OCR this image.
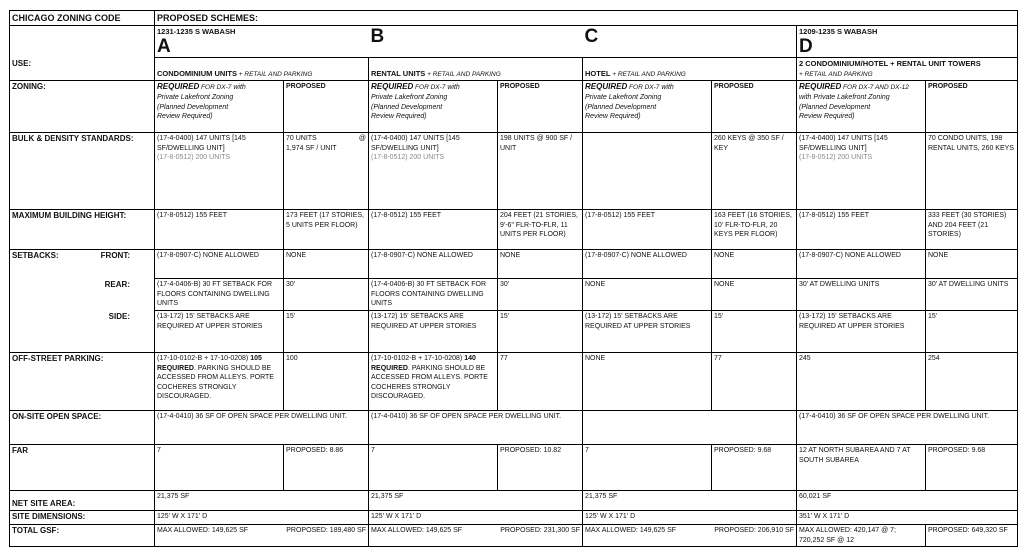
CHICAGO ZONING CODE	PROPOSED SCHEMES:							

	1231-1235 S WABASH
A		B		C		1209-1235 S WABASH
D	

USE:	CONDOMINIUM UNITS + RETAIL AND PARKING		RENTAL UNITS + RETAIL AND PARKING		HOTEL + RETAIL AND PARKING		2 CONDOMINIUM/HOTEL + RENTAL UNIT TOWERS
+ RETAIL AND PARKING	
ZONING:	REQUIRED FOR DX-7 with
Private Lakefront Zoning
(Planned Development
Review Required)	PROPOSED	REQUIRED FOR DX-7 with
Private Lakefront Zoning
(Planned Development
Review Required)	PROPOSED	REQUIRED FOR DX-7 with
Private Lakefront Zoning
(Planned Development
Review Required)	PROPOSED	REQUIRED FOR DX-7 AND DX-12
with Private Lakefront Zoning
(Planned Development
Review Required)	PROPOSED
BULK & DENSITY STANDARDS:	(17-4-0400) 147 UNITS [145 SF/DWELLING UNIT]
(17-8-0512) 200 UNITS	70 UNITS @
1,974 SF / UNIT	(17-4-0400) 147 UNITS [145 SF/DWELLING UNIT]
(17-8-0512) 200 UNITS	198 UNITS @ 900 SF / UNIT		260 KEYS @ 350 SF / KEY	(17-4-0400) 147 UNITS [145 SF/DWELLING UNIT]
(17-8-0512) 200 UNITS	70 CONDO UNITS, 198 RENTAL UNITS, 260 KEYS
MAXIMUM BUILDING HEIGHT:	(17-8-0512) 155 FEET	173 FEET (17 STORIES, 5 UNITS PER FLOOR)	(17-8-0512) 155 FEET	204 FEET (21 STORIES, 9'-6" FLR-TO-FLR, 11 UNITS PER FLOOR)	(17-8-0512) 155 FEET	163 FEET (16 STORIES, 10' FLR-TO-FLR, 20 KEYS PER FLOOR)	(17-8-0512) 155 FEET	333 FEET (30 STORIES) AND 204 FEET (21 STORIES)

SETBACKS: FRONT:	(17-8-0907-C) NONE ALLOWED	NONE	(17-8-0907-C) NONE ALLOWED	NONE	(17-8-0907-C) NONE ALLOWED	NONE	(17-8-0907-C) NONE ALLOWED	NONE

REAR:	(17-4-0406-B) 30 FT SETBACK FOR FLOORS CONTAINING DWELLING UNITS	30'	(17-4-0406-B) 30 FT SETBACK FOR FLOORS CONTAINING DWELLING UNITS	30'	NONE	NONE	30' AT DWELLING UNITS	30' AT DWELLING UNITS

SIDE:	(13-172) 15' SETBACKS ARE REQUIRED AT UPPER STORIES	15'	(13-172) 15' SETBACKS ARE REQUIRED AT UPPER STORIES	15'	(13-172) 15' SETBACKS ARE REQUIRED AT UPPER STORIES	15'	(13-172) 15' SETBACKS ARE REQUIRED AT UPPER STORIES	15'
OFF-STREET PARKING:	(17-10-0102-B + 17-10-0208) 105 REQUIRED. PARKING SHOULD BE ACCESSED FROM ALLEYS. PORTE COCHERES STRONGLY DISCOURAGED.	100	(17-10-0102-B + 17-10-0208) 140 REQUIRED. PARKING SHOULD BE ACCESSED FROM ALLEYS. PORTE COCHERES STRONGLY DISCOURAGED.	77	NONE	77	245	254
ON-SITE OPEN SPACE:	(17-4-0410) 36 SF OF OPEN SPACE PER DWELLING UNIT.		(17-4-0410) 36 SF OF OPEN SPACE PER DWELLING UNIT.				(17-4-0410) 36 SF OF OPEN SPACE PER DWELLING UNIT.	
FAR	7	PROPOSED: 8.86	7	PROPOSED: 10.82	7	PROPOSED: 9.68	12 AT NORTH SUBAREA AND 7 AT SOUTH SUBAREA	PROPOSED: 9.68
NET SITE AREA:	21,375 SF		21,375 SF		21,375 SF		60,021 SF	
SITE DIMENSIONS:	125' W X 171' D		125' W X 171' D		125' W X 171' D		351' W X 171' D	
TOTAL GSF:	MAX ALLOWED: 149,625 SF PROPOSED: 189,480 SF		MAX ALLOWED: 149,625 SF PROPOSED: 231,300 SF		MAX ALLOWED: 149,625 SF PROPOSED: 206,910 SF		MAX ALLOWED: 420,147 @ 7; 720,252 SF @ 12	PROPOSED: 649,320 SF
